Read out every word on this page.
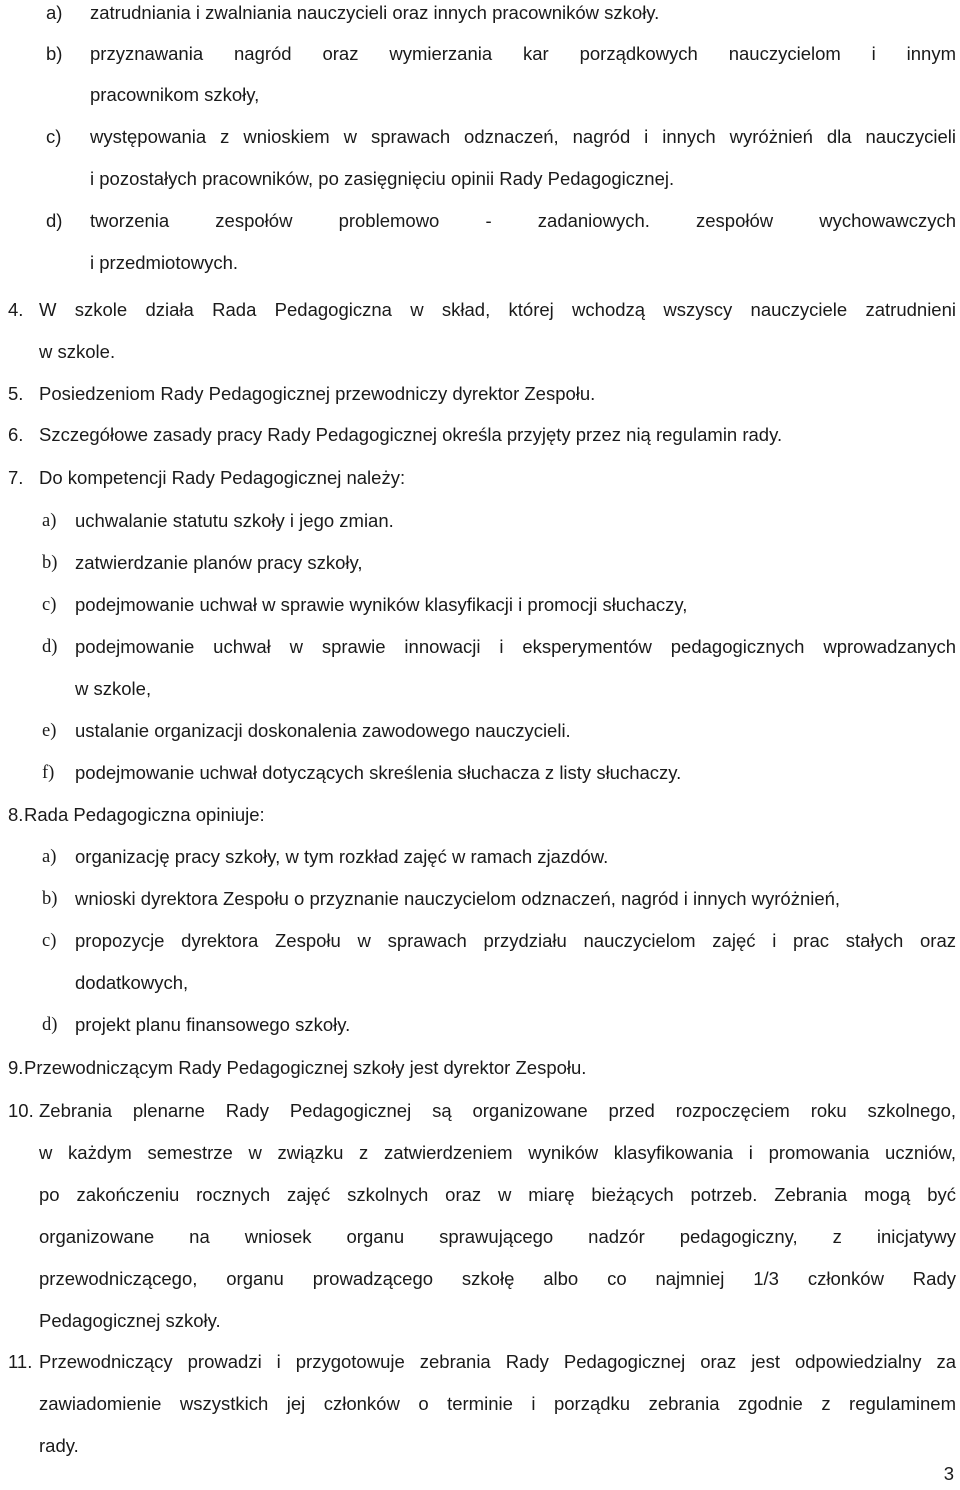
a)	zatrudniania i zwalniania nauczycieli oraz innych pracowników szkoły.
b)	przyznawania nagród oraz wymierzania kar porządkowych nauczycielom i innym
pracownikom szkoły,
c)	występowania z wnioskiem w sprawach odznaczeń, nagród i innych wyróżnień dla nauczycieli
i pozostałych pracowników, po zasięgnięciu opinii Rady Pedagogicznej.
d)	tworzenia zespołów problemowo - zadaniowych. zespołów wychowawczych
i przedmiotowych.
4. W szkole działa Rada Pedagogiczna w skład, której wchodzą wszyscy nauczyciele zatrudnieni
w szkole.
5. Posiedzeniom Rady Pedagogicznej przewodniczy dyrektor Zespołu.
6. Szczegółowe zasady pracy Rady Pedagogicznej określa przyjęty przez nią regulamin rady.
7. Do kompetencji Rady Pedagogicznej należy:
a)	uchwalanie statutu szkoły i jego zmian.
b) zatwierdzanie planów pracy szkoły,
c)	podejmowanie uchwał w sprawie wyników klasyfikacji i promocji słuchaczy,
d) podejmowanie uchwał w sprawie innowacji i eksperymentów pedagogicznych wprowadzanych
w szkole,
e)	ustalanie organizacji doskonalenia zawodowego nauczycieli.
f)	podejmowanie uchwał dotyczących skreślenia słuchacza z listy słuchaczy.
8. Rada Pedagogiczna opiniuje:
a)	organizację pracy szkoły, w tym rozkład zajęć w ramach zjazdów.
b) wnioski dyrektora Zespołu o przyznanie nauczycielom odznaczeń, nagród i innych wyróżnień,
c)	propozycje dyrektora Zespołu w sprawach przydziału nauczycielom zajęć i prac stałych oraz
dodatkowych,
d) projekt planu finansowego szkoły.
9. Przewodniczącym Rady Pedagogicznej szkoły jest dyrektor Zespołu.
10. Zebrania plenarne Rady Pedagogicznej są organizowane przed rozpoczęciem roku szkolnego,
w każdym semestrze w związku z zatwierdzeniem wyników klasyfikowania i promowania uczniów,
po zakończeniu rocznych zajęć szkolnych oraz w miarę bieżących potrzeb. Zebrania mogą być
organizowane na wniosek organu sprawującego nadzór pedagogiczny, z inicjatywy
przewodniczącego, organu prowadzącego szkołę albo co najmniej 1/3 członków Rady
Pedagogicznej szkoły.
11. Przewodniczący prowadzi i przygotowuje zebrania Rady Pedagogicznej oraz jest odpowiedzialny za
zawiadomienie wszystkich jej członków o terminie i porządku zebrania zgodnie z regulaminem
rady.
3
